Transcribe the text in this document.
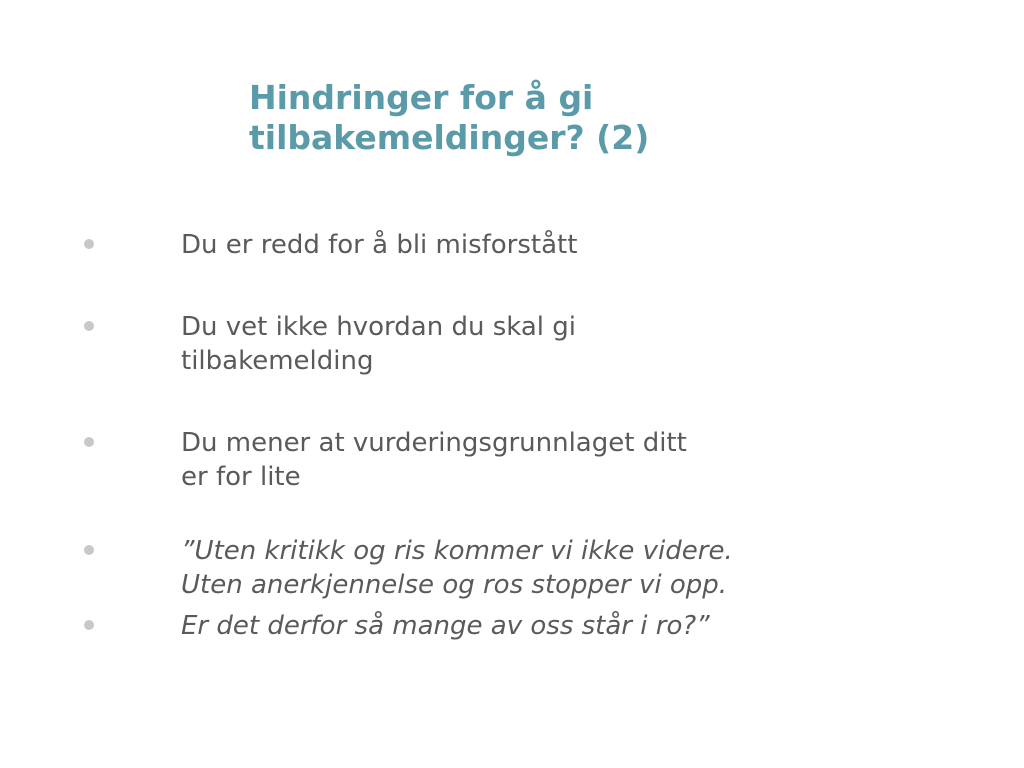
Hindringer for å gi
tilbakemeldinger? (2)

Du er redd for å bli misforstått

Du vet ikke hvordan du skal gi
tilbakemelding

Du mener at vurderingsgrunnlaget ditt
er for lite

”Uten kritikk og ris kommer vi ikke videre.
Uten anerkjennelse og ros stopper vi opp.

Er det derfor så mange av oss står i ro?”
